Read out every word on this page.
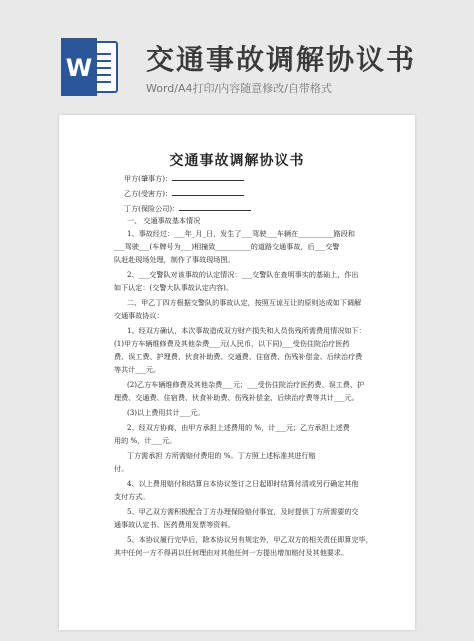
W 交通事故调解协议书
Word/A4打印/内容随意修改/自带格式
交通事故调解协议书
甲方(肇事方)：
乙方(受害方)：
丁方(保险公司)：
一、 交通事故基本情况
1、事故经过：___年_月_日，发生了___驾驶___车辆在__________路段和
___驾驶___(车牌号为___)相撞致__________的道路交通事故，后___交警
队赶赴现场处理，制作了事故现场图。
2、___交警队对该事故的认定情况：___交警队在查明事实的基础上，作出
如下认定：(交警大队事故认定内容)。
二、甲乙丁四方根据交警队的事故认定，按照互谅互让的原则达成如下调解
交通事故协议：
1、经双方确认，本次事故造成双方财产损失和人员伤残所需费用情况如下：
(1)甲方车辆维修费及其他杂费___元(人民币，以下同)___受伤住院治疗医药
费、误工费、护理费、伙食补助费、交通费、住宿费、伤残补偿金、后续治疗费
等共计___元。
(2)乙方车辆维修费及其他杂费___元；___受伤住院治疗医药费、误工费、护
理费、交通费、住宿费、伙食补助费、伤残补偿金、后续治疗费等共计___元。
(3)以上费用共计___元。
2、经双方协商，由甲方承担上述费用的 %，计___元；乙方承担上述费
用的 %，计___元。
丁方需承担 方所需赔付费用的 %。丁方照上述标准其进行赔
付。
4、以上费用赔付和结算自本协议签订之日起即时结算付清或另行确定其他
支付方式。
5、甲乙双方需积极配合丁方办理保险赔付事宜，及时提供丁方所需要的交
通事故认定书、医药费用发票等资料。
5、本协议履行完毕后，除本协议另有规定外，甲乙双方的相关责任即算完毕，
其中任何一方不得再以任何理由对其他任何一方提出增加赔付及其他要求。
